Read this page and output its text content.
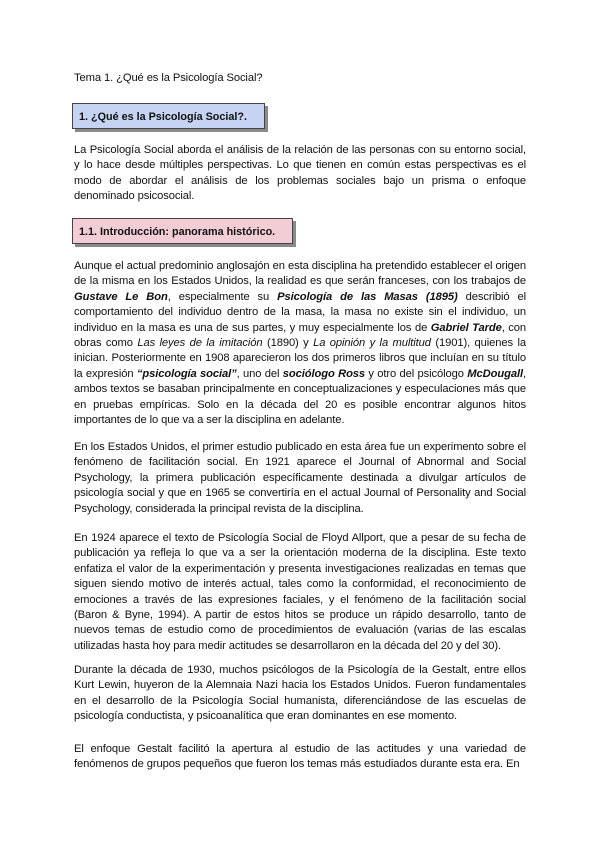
Tema 1. ¿Qué es la Psicología Social?
1. ¿Qué es la Psicología Social?.

La Psicología Social aborda el análisis de la relación de las personas con su entorno social, y lo hace desde múltiples perspectivas. Lo que tienen en común estas perspectivas es el modo de abordar el análisis de los problemas sociales bajo un prisma o enfoque denominado psicosocial.

1.1. Introducción: panorama histórico.

Aunque el actual predominio anglosajón en esta disciplina ha pretendido establecer el origen de la misma en los Estados Unidos, la realidad es que serán franceses, con los trabajos de Gustave Le Bon, especialmente su Psicología de las Masas (1895) describió el comportamiento del individuo dentro de la masa, la masa no existe sin el individuo, un individuo en la masa es una de sus partes, y muy especialmente los de Gabriel Tarde, con obras como Las leyes de la imitación (1890) y La opinión y la multitud (1901), quienes la inician. Posteriormente en 1908 aparecieron los dos primeros libros que incluían en su título la expresión “psicología social”, uno del sociólogo Ross y otro del psicólogo McDougall, ambos textos se basaban principalmente en conceptualizaciones y especulaciones más que en pruebas empíricas. Solo en la década del 20 es posible encontrar algunos hitos importantes de lo que va a ser la disciplina en adelante.

En los Estados Unidos, el primer estudio publicado en esta área fue un experimento sobre el fenómeno de facilitación social. En 1921 aparece el Journal of Abnormal and Social Psychology, la primera publicación específicamente destinada a divulgar artículos de psicología social y que en 1965 se convertiría en el actual Journal of Personality and Social Psychology, considerada la principal revista de la disciplina.

En 1924 aparece el texto de Psicología Social de Floyd Allport, que a pesar de su fecha de publicación ya refleja lo que va a ser la orientación moderna de la disciplina. Este texto enfatiza el valor de la experimentación y presenta investigaciones realizadas en temas que siguen siendo motivo de interés actual, tales como la conformidad, el reconocimiento de emociones a través de las expresiones faciales, y el fenómeno de la facilitación social (Baron & Byne, 1994). A partir de estos hitos se produce un rápido desarrollo, tanto de nuevos temas de estudio como de procedimientos de evaluación (varias de las escalas utilizadas hasta hoy para medir actitudes se desarrollaron en la década del 20 y del 30).

Durante la década de 1930, muchos psicólogos de la Psicología de la Gestalt, entre ellos Kurt Lewin, huyeron de la Alemnaia Nazi hacia los Estados Unidos. Fueron fundamentales en el desarrollo de la Psicología Social humanista, diferenciándose de las escuelas de psicología conductista, y psicoanalítica que eran dominantes en ese momento.

El enfoque Gestalt facilitó la apertura al estudio de las actitudes y una variedad de fenómenos de grupos pequeños que fueron los temas más estudiados durante esta era. En
